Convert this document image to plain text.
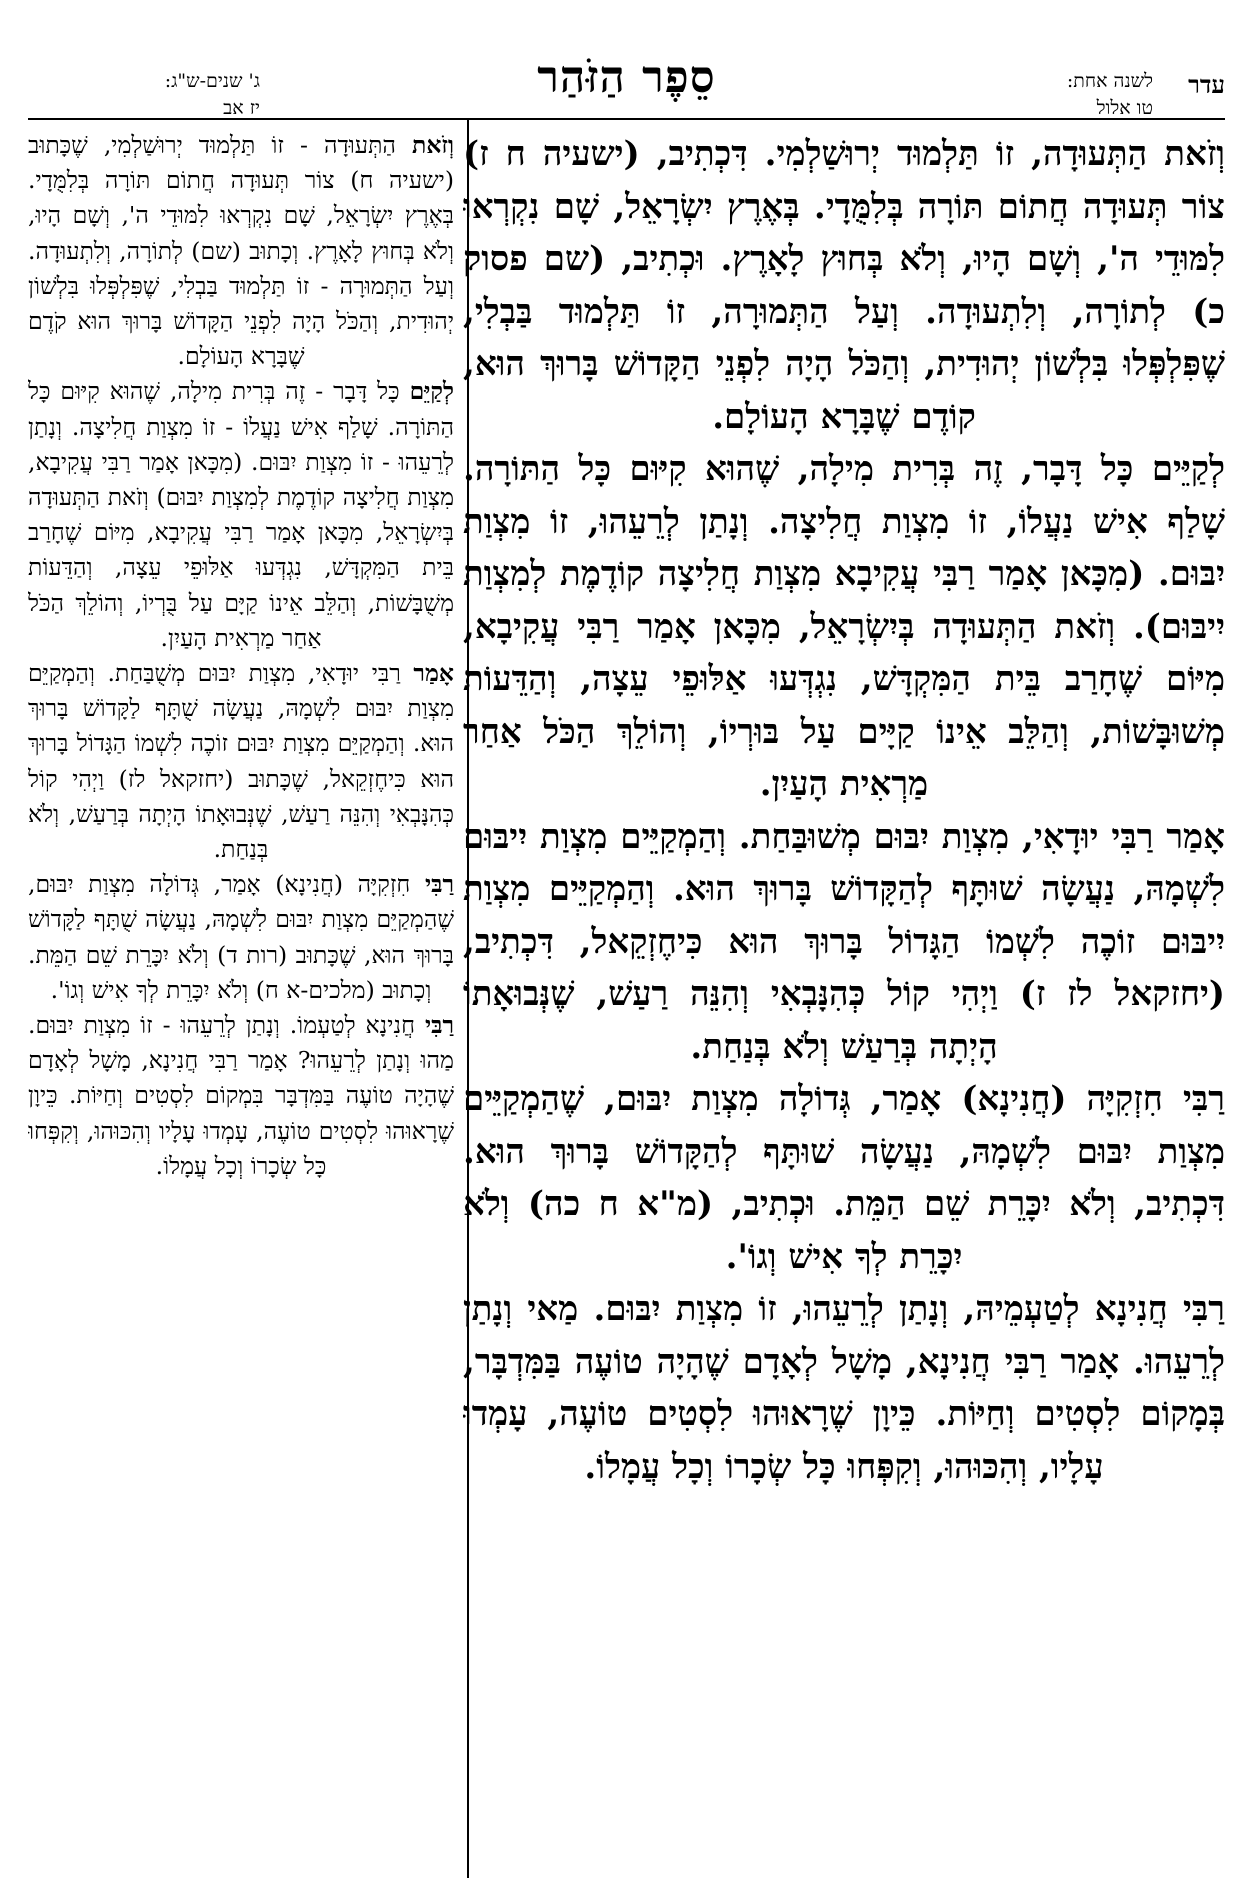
עדר
לשנה אחת:
טו אלול
סֵפֶר הַזֹּהַר
ג' שנים-ש"ג:
יז אב

וְזֹאת הַתְּעוּדָה, זוֹ תַּלְמוּד יְרוּשַׁלְמִי. דִּכְתִיב, (ישעיה ח ז) צוֹר תְּעוּדָה חֲתוֹם תּוֹרָה בְּלִמֻּדָי. בְּאֶרֶץ יִשְׂרָאֵל, שָׁם נִקְרְאוּ לִמּוּדֵי ה', וְשָׁם הָיוּ, וְלֹא בְּחוּץ לָאָרֶץ. וּכְתִיב, (שם פסוק כ) לְתוֹרָה, וְלִתְעוּדָה. וְעַל הַתְּמוּרָה, זוֹ תַּלְמוּד בַּבְלִי, שֶׁפִּלְפְּלוּ בִּלְשׁוֹן יְהוּדִית, וְהַכֹּל הָיָה לִפְנֵי הַקָּדוֹשׁ בָּרוּךְ הוּא, קוֹדֶם שֶׁבָּרָא הָעוֹלָם.

לְקַיֵּים כָּל דָּבָר, זֶה בְּרִית מִילָה, שֶׁהוּא קִיּוּם כָּל הַתּוֹרָה. שָׁלַף אִישׁ נַעֲלוֹ, זוֹ מִצְוַת חֲלִיצָה. וְנָתַן לְרֵעֵהוּ, זוֹ מִצְוַת יִבּוּם. (מִכָּאן אָמַר רַבִּי עֲקִיבָא מִצְוַת חֲלִיצָה קוֹדֶמֶת לְמִצְוַת יִיבּוּם). וְזֹאת הַתְּעוּדָה בְּיִשְׂרָאֵל, מִכָּאן אָמַר רַבִּי עֲקִיבָא, מִיּוֹם שֶׁחָרַב בֵּית הַמִּקְדָּשׁ, נִגְדְּעוּ אַלּוּפֵי עֵצָה, וְהַדֵּעוֹת מְשׁוּבָּשׁוֹת, וְהַלֵּב אֵינוֹ קַיָּים עַל בּוּרְיוֹ, וְהוֹלֵךְ הַכֹּל אַחַר מַרְאִית הָעַיִן.

אָמַר רַבִּי יוּדָאִי, מִצְוַת יִבּוּם מְשׁוּבַּחַת. וְהַמְקַיֵּים מִצְוַת יִיבּוּם לִשְׁמָהּ, נַעֲשָׂה שׁוּתָּף לְהַקָּדוֹשׁ בָּרוּךְ הוּא. וְהַמְקַיֵּים מִצְוַת יִיבּוּם זוֹכֶה לִשְׁמוֹ הַגָּדוֹל בָּרוּךְ הוּא כִּיחֶזְקֵאל, דִּכְתִיב, (יחזקאל לז ז) וַיְהִי קוֹל כְּהִנָּבְאִי וְהִנֵּה רַעַשׁ, שֶׁנְּבוּאָתוֹ הָיְתָה בְּרַעַשׁ וְלֹא בְּנַחַת.

רַבִּי חִזְקִיָּה (חֲנִינָא) אָמַר, גְּדוֹלָה מִצְוַת יִבּוּם, שֶׁהַמְקַיֵּים מִצְוַת יִבּוּם לִשְׁמָהּ, נַעֲשָׂה שׁוּתָּף לְהַקָּדוֹשׁ בָּרוּךְ הוּא. דִּכְתִיב, וְלֹא יִכָּרֵת שֵׁם הַמֵּת. וּכְתִיב, (מ"א ח כה) וְלֹא יִכָּרֵת לְךָ אִישׁ וְגוֹ'.

רַבִּי חֲנִינָא לְטַעְמֵיהּ, וְנָתַן לְרֵעֵהוּ, זוֹ מִצְוַת יִבּוּם. מַאי וְנָתַן לְרֵעֵהוּ. אָמַר רַבִּי חֲנִינָא, מָשָׁל לְאָדָם שֶׁהָיָה טוֹעֶה בַּמִּדְבָּר, בְּמָקוֹם לִסְטִים וְחַיּוֹת. כֵּיוָן שֶׁרָאוּהוּ לִסְטִים טוֹעֶה, עָמְדוּ עָלָיו, וְהִכּוּהוּ, וְקִפְּחוּ כָּל שְׂכָרוֹ וְכָל עֲמָלוֹ.

וְזֹאת הַתְּעוּדָה - זוֹ תַּלְמוּד יְרוּשַׁלְמִי, שֶׁכָּתוּב (ישעיה ח) צוֹר תְּעוּדָה חֲתוֹם תּוֹרָה בְּלִמֻּדָי. בְּאֶרֶץ יִשְׂרָאֵל, שָׁם נִקְרְאוּ לִמּוּדֵי ה', וְשָׁם הָיוּ, וְלֹא בְּחוּץ לָאָרֶץ. וְכָתוּב (שם) לְתוֹרָה, וְלִתְעוּדָה. וְעַל הַתְּמוּרָה - זוֹ תַּלְמוּד בַּבְלִי, שֶׁפִּלְפְּלוּ בִּלְשׁוֹן יְהוּדִית, וְהַכֹּל הָיָה לִפְנֵי הַקָּדוֹשׁ בָּרוּךְ הוּא קֹדֶם שֶׁבָּרָא הָעוֹלָם.

לְקַיֵּם כָּל דָּבָר - זֶה בְּרִית מִילָה, שֶׁהוּא קִיּוּם כָּל הַתּוֹרָה. שָׁלַף אִישׁ נַעֲלוֹ - זוֹ מִצְוַת חֲלִיצָה. וְנָתַן לְרֵעֵהוּ - זוֹ מִצְוַת יִבּוּם. (מִכָּאן אָמַר רַבִּי עֲקִיבָא, מִצְוַת חֲלִיצָה קוֹדֶמֶת לְמִצְוַת יִבּוּם) וְזֹאת הַתְּעוּדָה בְּיִשְׂרָאֵל, מִכָּאן אָמַר רַבִּי עֲקִיבָא, מִיּוֹם שֶׁחָרַב בֵּית הַמִּקְדָּשׁ, נִגְדְּעוּ אַלּוּפֵי עֵצָה, וְהַדֵּעוֹת מְשֻׁבָּשׁוֹת, וְהַלֵּב אֵינוֹ קַיָּם עַל בֻּרְיוֹ, וְהוֹלֵךְ הַכֹּל אַחַר מַרְאִית הָעַיִן.

אָמַר רַבִּי יוּדָאִי, מִצְוַת יִבּוּם מְשֻׁבַּחַת. וְהַמְקַיֵּם מִצְוַת יִבּוּם לִשְׁמָהּ, נַעֲשָׂה שֻׁתָּף לַקָּדוֹשׁ בָּרוּךְ הוּא. וְהַמְקַיֵּם מִצְוַת יִבּוּם זוֹכֶה לִשְׁמוֹ הַגָּדוֹל בָּרוּךְ הוּא כִּיחֶזְקֵאל, שֶׁכָּתוּב (יחזקאל לז) וַיְהִי קוֹל כְּהִנָּבְאִי וְהִנֵּה רַעַשׁ, שֶׁנְּבוּאָתוֹ הָיְתָה בְּרַעַשׁ, וְלֹא בְּנַחַת.

רַבִּי חִזְקִיָּה (חֲנִינָא) אָמַר, גְּדוֹלָה מִצְוַת יִבּוּם, שֶׁהַמְקַיֵּם מִצְוַת יִבּוּם לִשְׁמָהּ, נַעֲשָׂה שֻׁתָּף לַקָּדוֹשׁ בָּרוּךְ הוּא, שֶׁכָּתוּב (רות ד) וְלֹא יִכָּרֵת שֵׁם הַמֵּת. וְכָתוּב (מלכים-א ח) וְלֹא יִכָּרֵת לְךָ אִישׁ וְגוֹ'.

רַבִּי חֲנִינָא לְטַעְמוֹ. וְנָתַן לְרֵעֵהוּ - זוֹ מִצְוַת יִבּוּם. מַהוּ וְנָתַן לְרֵעֵהוּ? אָמַר רַבִּי חֲנִינָא, מָשָׁל לְאָדָם שֶׁהָיָה טוֹעֶה בַּמִּדְבָּר בִּמְקוֹם לִסְטִים וְחַיּוֹת. כֵּיוָן שֶׁרָאוּהוּ לִסְטִים טוֹעֶה, עָמְדוּ עָלָיו וְהִכּוּהוּ, וְקִפְּחוּ כָּל שְׂכָרוֹ וְכָל עֲמָלוֹ.
